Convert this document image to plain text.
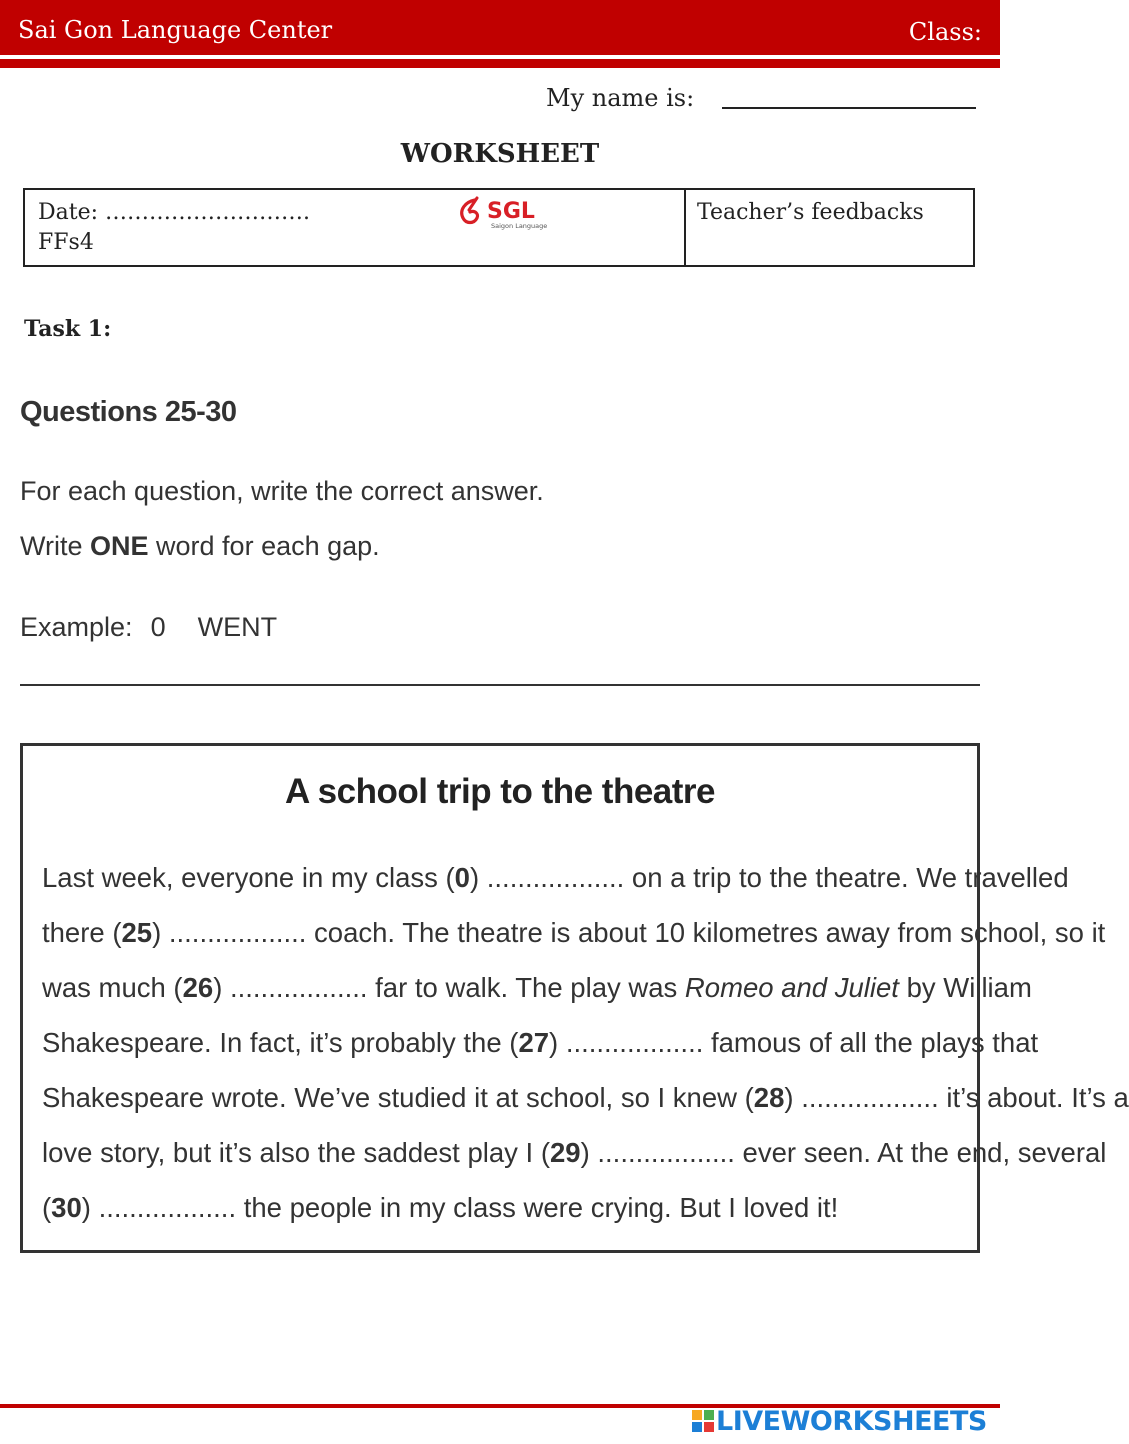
Sai Gon Language Center	Class:
My name is:
WORKSHEET
Date: ……………………….
FFs4
SGL
Saigon Language
Teacher’s feedbacks
Task 1:
Questions 25-30
For each question, write the correct answer.
Write ONE word for each gap.
Example: 0 WENT
A school trip to the theatre
Last week, everyone in my class (0) .................. on a trip to the theatre. We travelled
there (25) .................. coach. The theatre is about 10 kilometres away from school, so it
was much (26) .................. far to walk. The play was Romeo and Juliet by William
Shakespeare. In fact, it’s probably the (27) .................. famous of all the plays that
Shakespeare wrote. We’ve studied it at school, so I knew (28) .................. it’s about. It’s a
love story, but it’s also the saddest play I (29) .................. ever seen. At the end, several
(30) .................. the people in my class were crying. But I loved it!
LIVEWORKSHEETS
